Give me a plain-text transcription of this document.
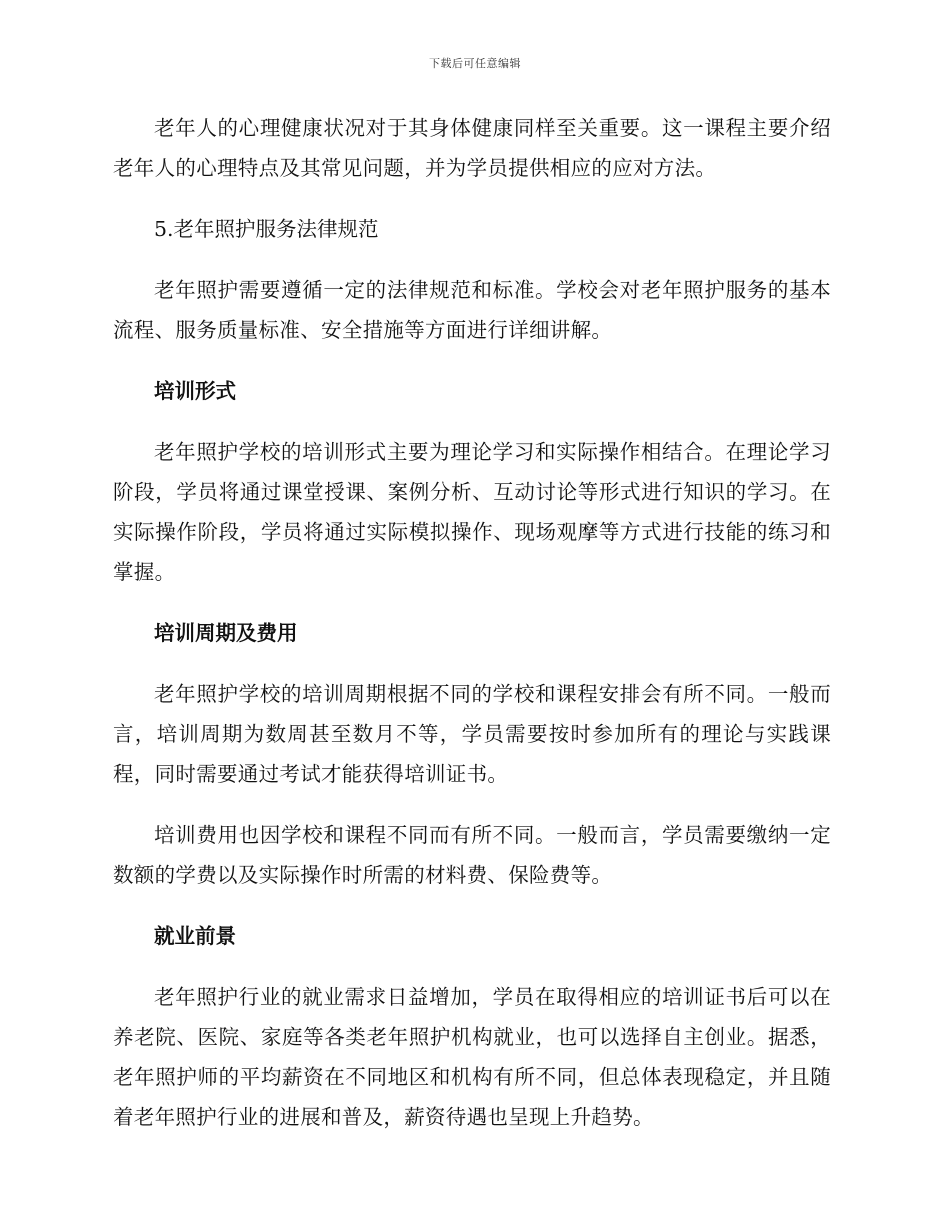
下载后可任意编辑

老年人的心理健康状况对于其身体健康同样至关重要。这一课程主要介绍老年人的心理特点及其常见问题，并为学员提供相应的应对方法。

5.老年照护服务法律规范

老年照护需要遵循一定的法律规范和标准。学校会对老年照护服务的基本流程、服务质量标准、安全措施等方面进行详细讲解。

培训形式

老年照护学校的培训形式主要为理论学习和实际操作相结合。在理论学习阶段，学员将通过课堂授课、案例分析、互动讨论等形式进行知识的学习。在实际操作阶段，学员将通过实际模拟操作、现场观摩等方式进行技能的练习和掌握。

培训周期及费用

老年照护学校的培训周期根据不同的学校和课程安排会有所不同。一般而言，培训周期为数周甚至数月不等，学员需要按时参加所有的理论与实践课程，同时需要通过考试才能获得培训证书。

培训费用也因学校和课程不同而有所不同。一般而言，学员需要缴纳一定数额的学费以及实际操作时所需的材料费、保险费等。

就业前景

老年照护行业的就业需求日益增加，学员在取得相应的培训证书后可以在养老院、医院、家庭等各类老年照护机构就业，也可以选择自主创业。据悉，老年照护师的平均薪资在不同地区和机构有所不同，但总体表现稳定，并且随着老年照护行业的进展和普及，薪资待遇也呈现上升趋势。
